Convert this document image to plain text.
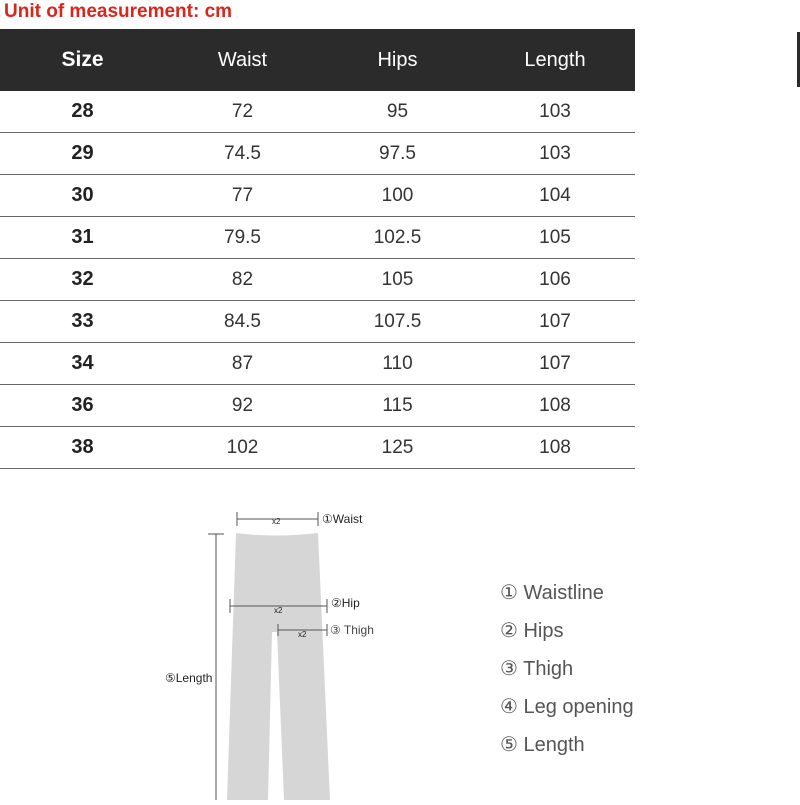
Unit of measurement: cm
Size	Waist	Hips	Length
28	72	95	103
29	74.5	97.5	103
30	77	100	104
31	79.5	102.5	105
32	82	105	106
33	84.5	107.5	107
34	87	110	107
36	92	115	108
38	102	125	108
x2	①Waist
x2
②Hip
x2 ③ Thigh
⑤Length
① Waistline
② Hips
③ Thigh
④ Leg opening
⑤ Length
